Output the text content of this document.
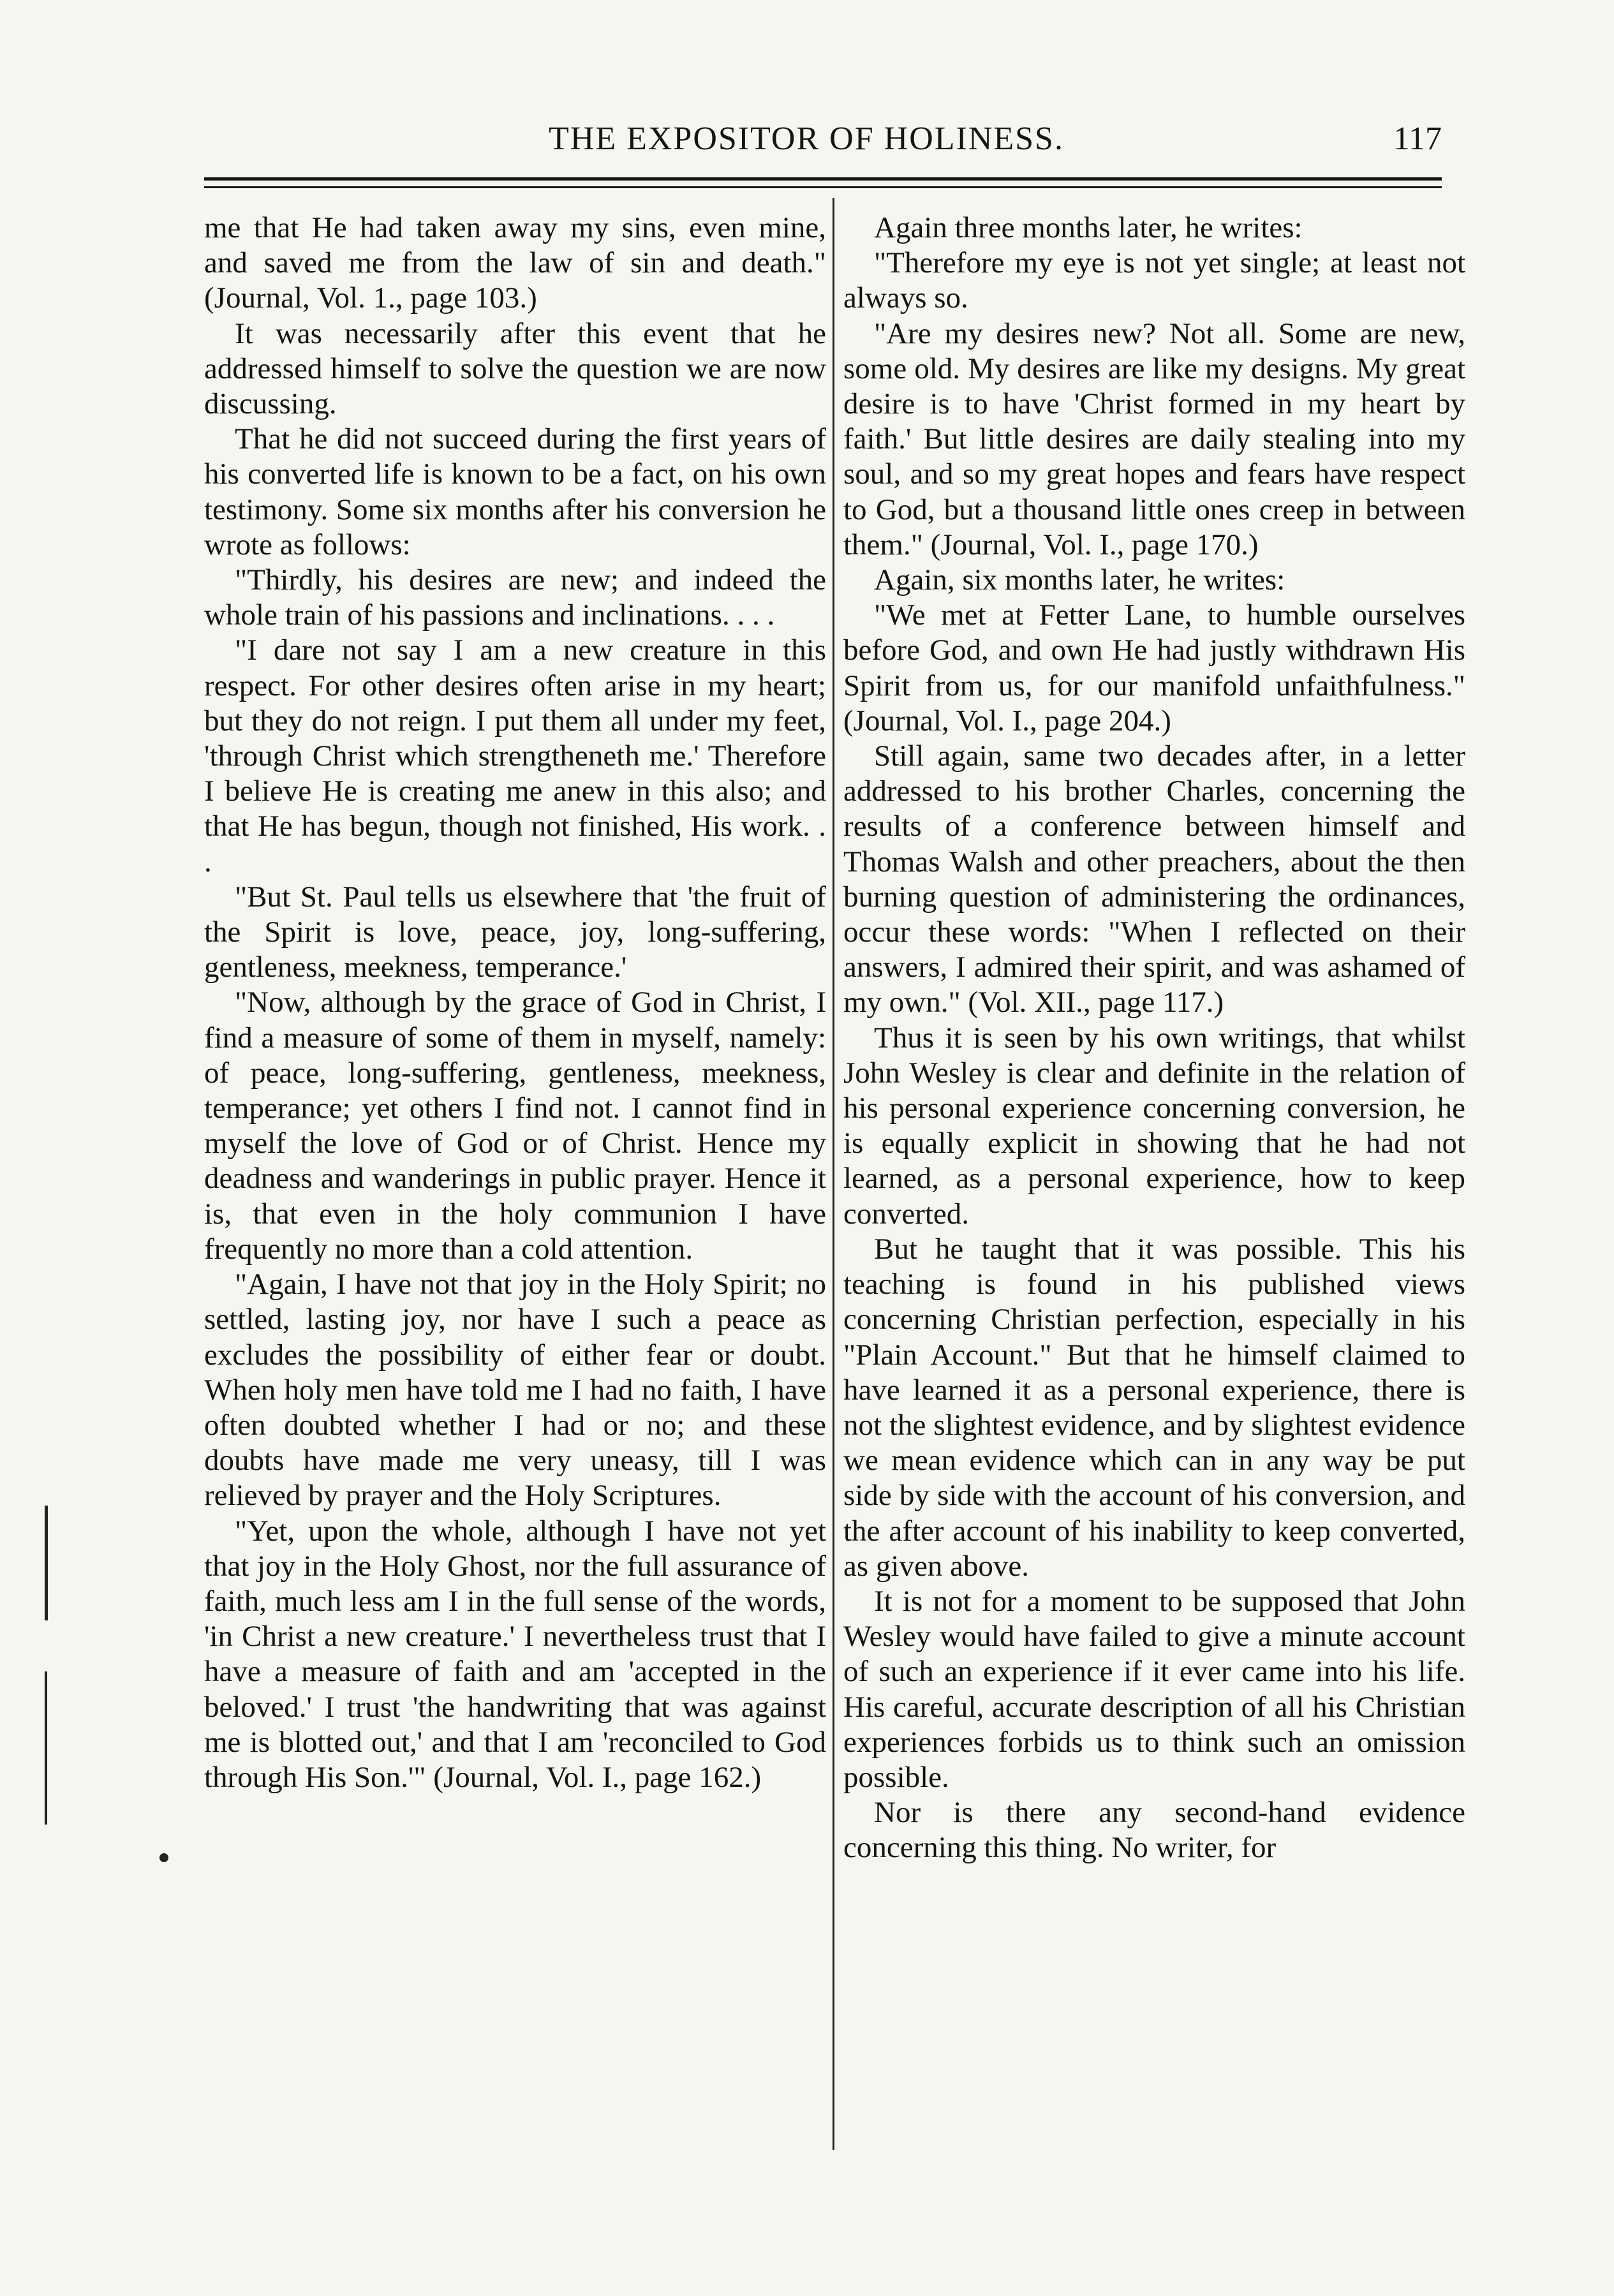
THE EXPOSITOR OF HOLINESS.	117

me that He had taken away my sins, even mine, and saved me from the law of sin and death." (Journal, Vol. 1., page 103.)

It was necessarily after this event that he addressed himself to solve the question we are now discussing.

That he did not succeed during the first years of his converted life is known to be a fact, on his own testimony. Some six months after his conversion he wrote as follows:

"Thirdly, his desires are new; and indeed the whole train of his passions and inclinations. . . .

"I dare not say I am a new creature in this respect. For other desires often arise in my heart; but they do not reign. I put them all under my feet, 'through Christ which strengtheneth me.' Therefore I believe He is creating me anew in this also; and that He has begun, though not finished, His work. . .

"But St. Paul tells us elsewhere that 'the fruit of the Spirit is love, peace, joy, long-suffering, gentleness, meekness, temperance.'

"Now, although by the grace of God in Christ, I find a measure of some of them in myself, namely: of peace, long-suffering, gentleness, meekness, temperance; yet others I find not. I cannot find in myself the love of God or of Christ. Hence my deadness and wanderings in public prayer. Hence it is, that even in the holy communion I have frequently no more than a cold attention.

"Again, I have not that joy in the Holy Spirit; no settled, lasting joy, nor have I such a peace as excludes the possibility of either fear or doubt. When holy men have told me I had no faith, I have often doubted whether I had or no; and these doubts have made me very uneasy, till I was relieved by prayer and the Holy Scriptures.

"Yet, upon the whole, although I have not yet that joy in the Holy Ghost, nor the full assurance of faith, much less am I in the full sense of the words, 'in Christ a new creature.' I nevertheless trust that I have a measure of faith and am 'accepted in the beloved.' I trust 'the handwriting that was against me is blotted out,' and that I am 'reconciled to God through His Son.'" (Journal, Vol. I., page 162.)

Again three months later, he writes:

"Therefore my eye is not yet single; at least not always so.

"Are my desires new? Not all. Some are new, some old. My desires are like my designs. My great desire is to have 'Christ formed in my heart by faith.' But little desires are daily stealing into my soul, and so my great hopes and fears have respect to God, but a thousand little ones creep in between them." (Journal, Vol. I., page 170.)

Again, six months later, he writes:

"We met at Fetter Lane, to humble ourselves before God, and own He had justly withdrawn His Spirit from us, for our manifold unfaithfulness." (Journal, Vol. I., page 204.)

Still again, same two decades after, in a letter addressed to his brother Charles, concerning the results of a conference between himself and Thomas Walsh and other preachers, about the then burning question of administering the ordinances, occur these words: "When I reflected on their answers, I admired their spirit, and was ashamed of my own." (Vol. XII., page 117.)

Thus it is seen by his own writings, that whilst John Wesley is clear and definite in the relation of his personal experience concerning conversion, he is equally explicit in showing that he had not learned, as a personal experience, how to keep converted.

But he taught that it was possible. This his teaching is found in his published views concerning Christian perfection, especially in his "Plain Account." But that he himself claimed to have learned it as a personal experience, there is not the slightest evidence, and by slightest evidence we mean evidence which can in any way be put side by side with the account of his conversion, and the after account of his inability to keep converted, as given above.

It is not for a moment to be supposed that John Wesley would have failed to give a minute account of such an experience if it ever came into his life. His careful, accurate description of all his Christian experiences forbids us to think such an omission possible.

Nor is there any second-hand evidence concerning this thing. No writer, for
